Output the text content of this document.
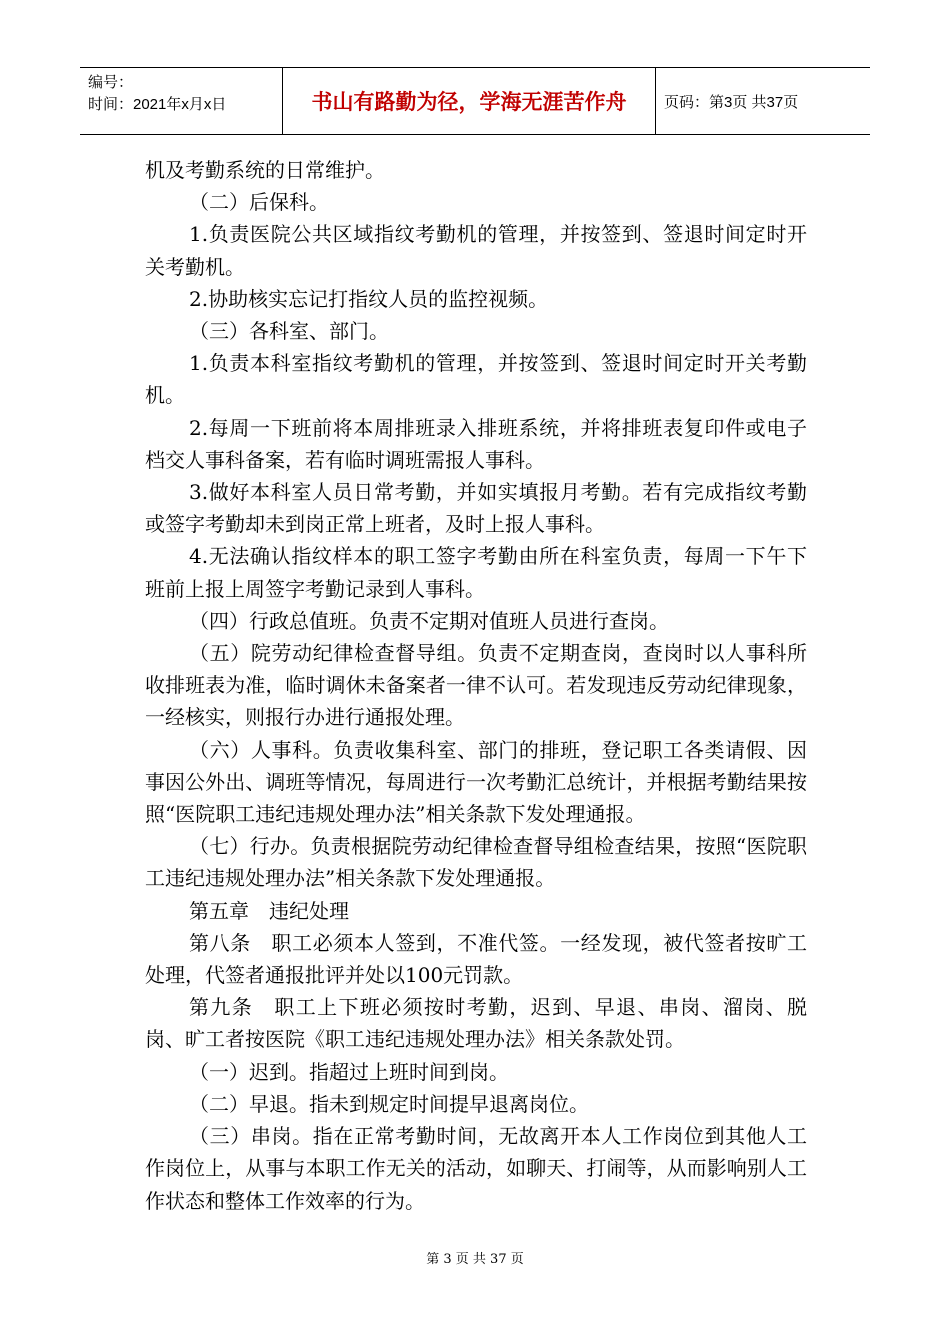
编号：
时间：2021年x月x日	书山有路勤为径，学海无涯苦作舟	页码：第3页 共37页

机及考勤系统的日常维护。

（二）后保科。

1.负责医院公共区域指纹考勤机的管理，并按签到、签退时间定时开关考勤机。

2.协助核实忘记打指纹人员的监控视频。

（三）各科室、部门。

1.负责本科室指纹考勤机的管理，并按签到、签退时间定时开关考勤机。

2.每周一下班前将本周排班录入排班系统，并将排班表复印件或电子档交人事科备案，若有临时调班需报人事科。

3.做好本科室人员日常考勤，并如实填报月考勤。若有完成指纹考勤或签字考勤却未到岗正常上班者，及时上报人事科。

4.无法确认指纹样本的职工签字考勤由所在科室负责，每周一下午下班前上报上周签字考勤记录到人事科。

（四）行政总值班。负责不定期对值班人员进行查岗。

（五）院劳动纪律检查督导组。负责不定期查岗，查岗时以人事科所收排班表为准，临时调休未备案者一律不认可。若发现违反劳动纪律现象，一经核实，则报行办进行通报处理。

（六）人事科。负责收集科室、部门的排班，登记职工各类请假、因事因公外出、调班等情况，每周进行一次考勤汇总统计，并根据考勤结果按照“医院职工违纪违规处理办法”相关条款下发处理通报。

（七）行办。负责根据院劳动纪律检查督导组检查结果，按照“医院职工违纪违规处理办法”相关条款下发处理通报。

第五章　违纪处理

第八条　职工必须本人签到，不准代签。一经发现，被代签者按旷工处理，代签者通报批评并处以100元罚款。

第九条　职工上下班必须按时考勤，迟到、早退、串岗、溜岗、脱岗、旷工者按医院《职工违纪违规处理办法》相关条款处罚。

（一）迟到。指超过上班时间到岗。

（二）早退。指未到规定时间提早退离岗位。

（三）串岗。指在正常考勤时间，无故离开本人工作岗位到其他人工作岗位上，从事与本职工作无关的活动，如聊天、打闹等，从而影响别人工作状态和整体工作效率的行为。

第 3 页 共 37 页
